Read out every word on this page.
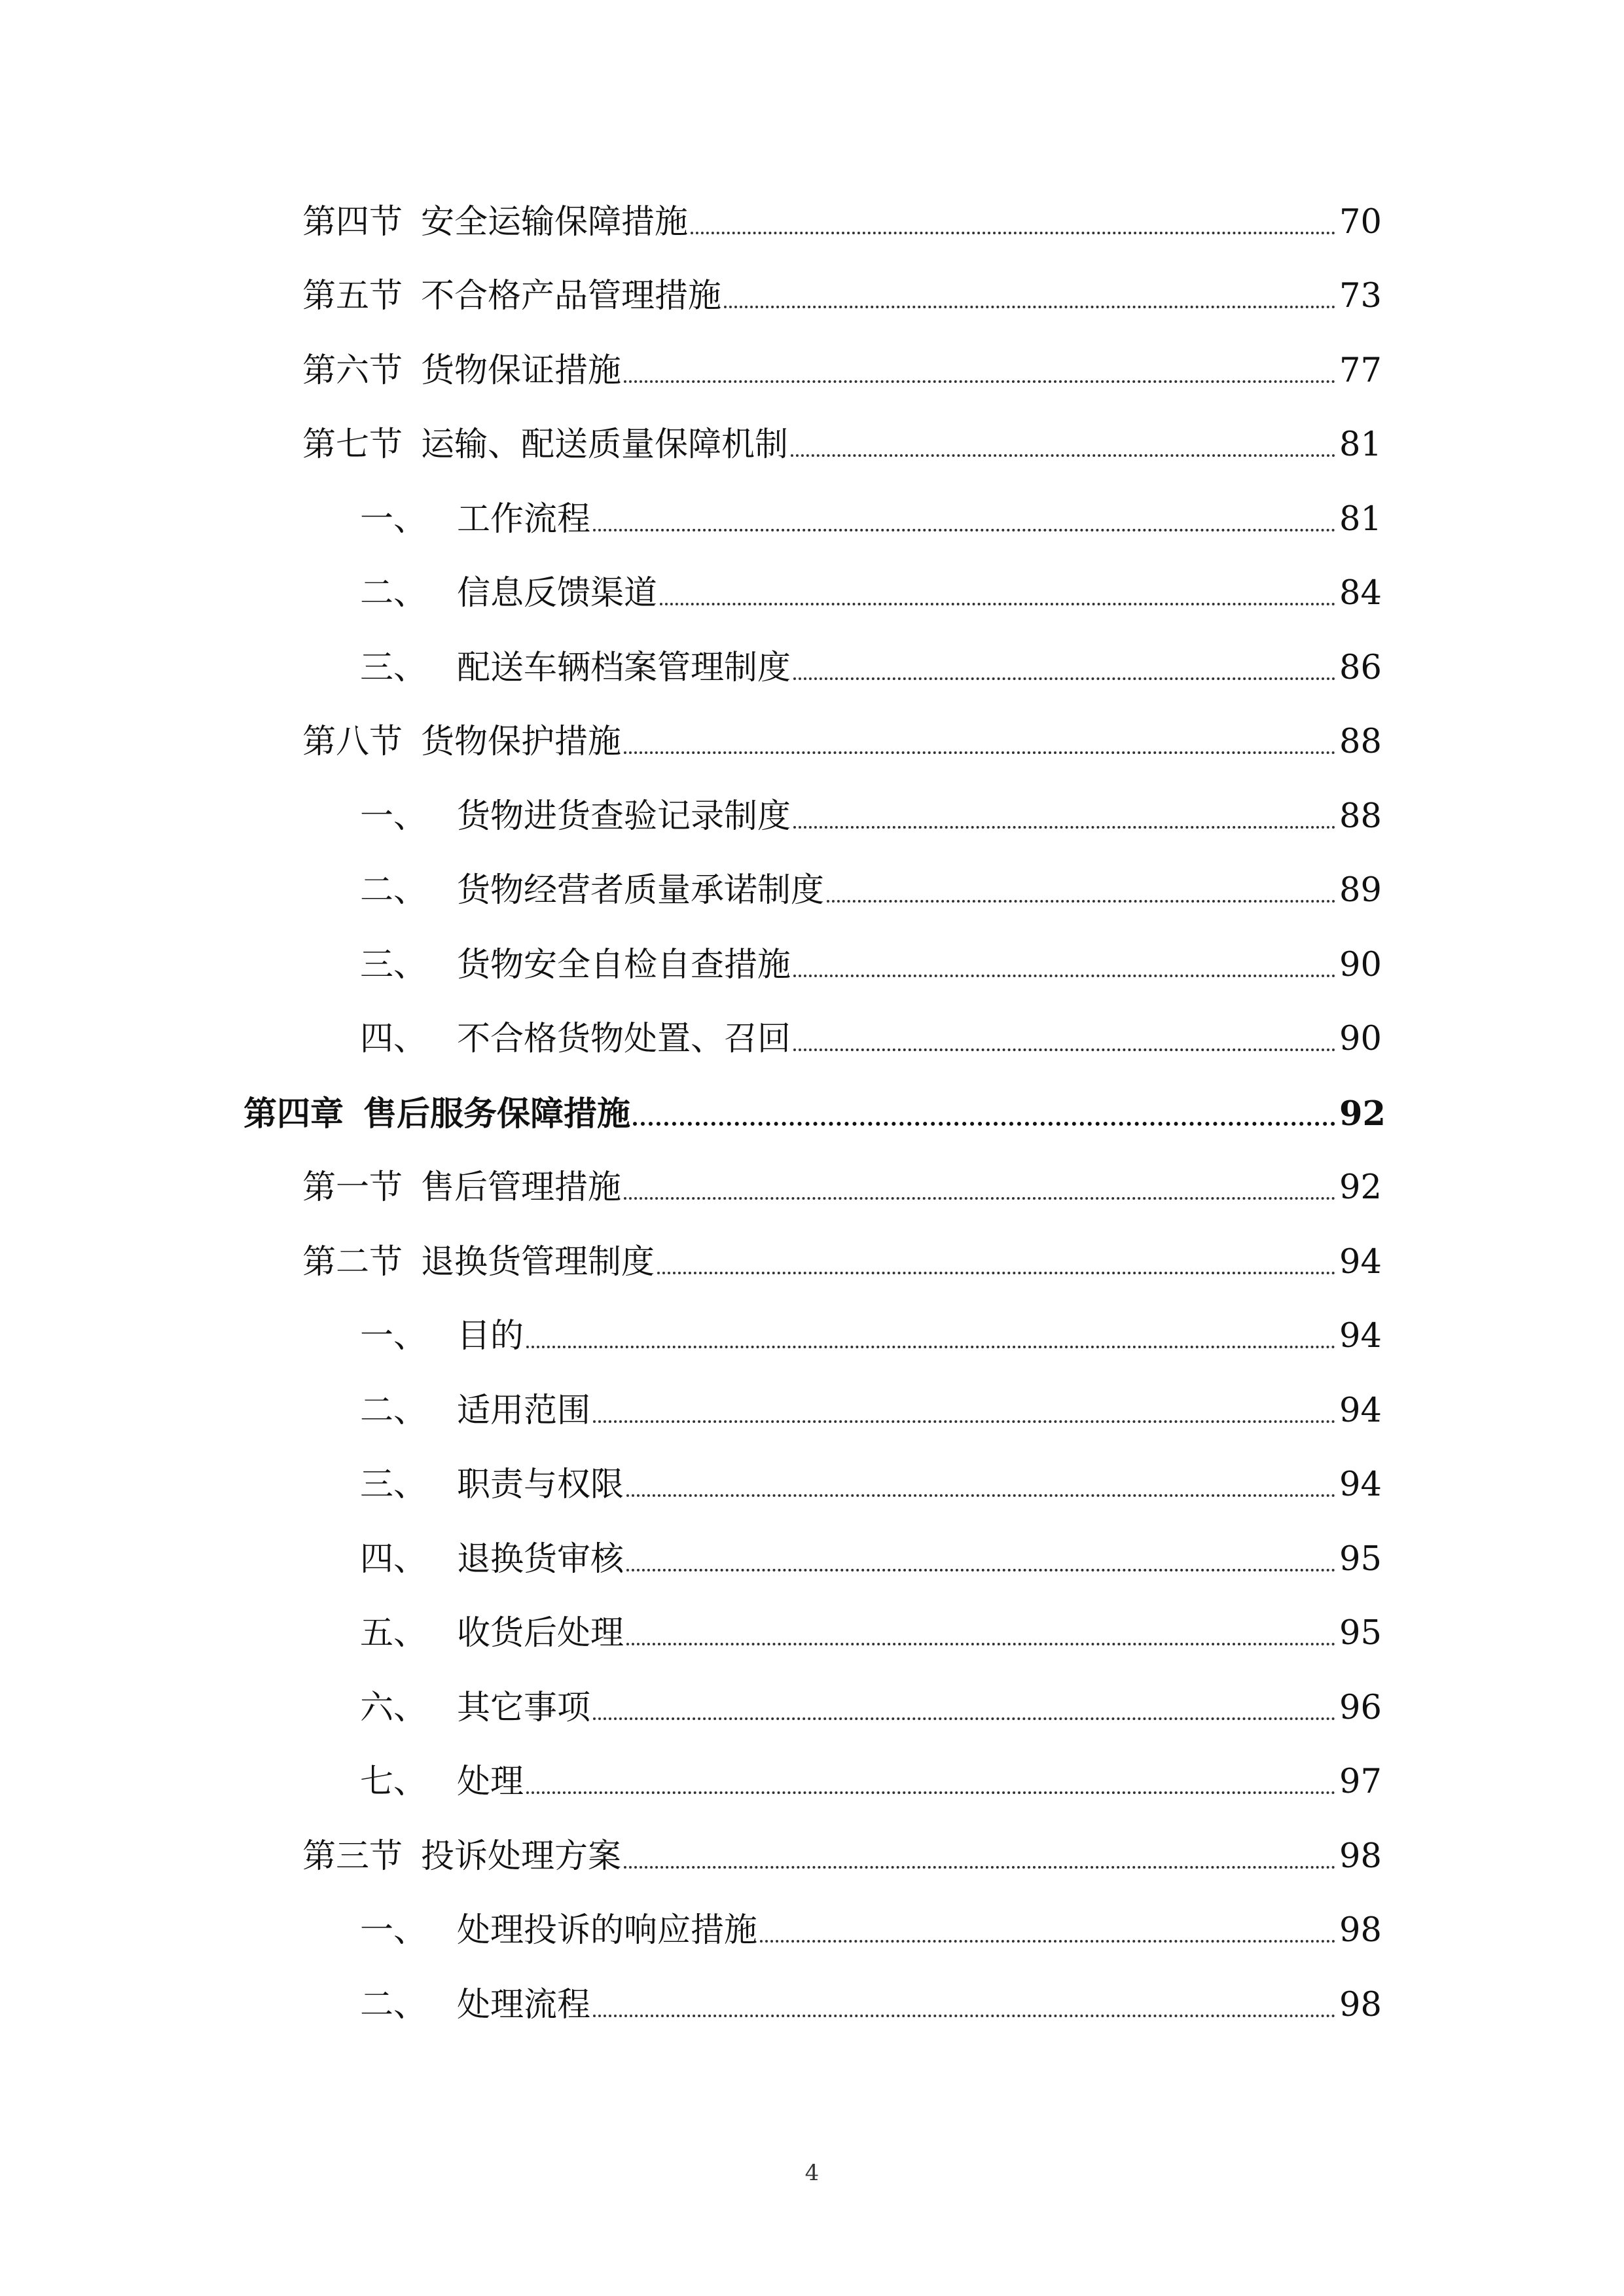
第四节 安全运输保障措施	70
第五节 不合格产品管理措施	73
第六节 货物保证措施	77
第七节 运输、配送质量保障机制	81
一、 工作流程	81
二、 信息反馈渠道	84
三、 配送车辆档案管理制度	86
第八节 货物保护措施	88
一、 货物进货查验记录制度	88
二、 货物经营者质量承诺制度	89
三、 货物安全自检自查措施	90
四、 不合格货物处置、召回	90
第四章 售后服务保障措施	92
第一节 售后管理措施	92
第二节 退换货管理制度	94
一、 目的	94
二、 适用范围	94
三、 职责与权限	94
四、 退换货审核	95
五、 收货后处理	95
六、 其它事项	96
七、 处理	97
第三节 投诉处理方案	98
一、 处理投诉的响应措施	98
二、 处理流程	98
4
